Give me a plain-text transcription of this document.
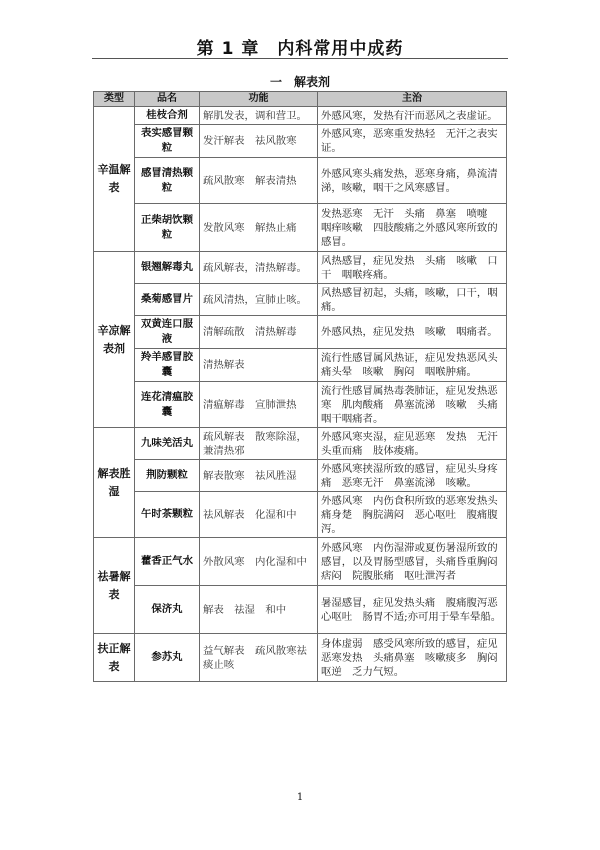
第 1 章　内科常用中成药
一　解表剂
类型	品名	功能	主治
辛温解表	桂枝合剂	解肌发表，调和营卫。	外感风寒，发热有汗而恶风之表虚证。
	表实感冒颗粒	发汗解表　祛风散寒	外感风寒，恶寒重发热轻　无汗之表实证。
	感冒清热颗粒	疏风散寒　解表清热	外感风寒头痛发热，恶寒身痛，鼻流清涕，咳嗽，咽干之风寒感冒。
	正柴胡饮颗粒	发散风寒　解热止痛	发热恶寒　无汗　头痛　鼻塞　喷嚏　咽痒咳嗽　四肢酸痛之外感风寒所致的感冒。
辛凉解表剂	银翘解毒丸	疏风解表，清热解毒。	风热感冒，症见发热　头痛　咳嗽　口干　咽喉疼痛。
	桑菊感冒片	疏风清热，宣肺止咳。	风热感冒初起，头痛，咳嗽，口干，咽痛。
	双黄连口服液	清解疏散　清热解毒	外感风热，症见发热　咳嗽　咽痛者。
	羚羊感冒胶囊	清热解表	流行性感冒属风热证，症见发热恶风头痛头晕　咳嗽　胸闷　咽喉肿痛。
	连花清瘟胶囊	清瘟解毒　宣肺泄热	流行性感冒属热毒袭肺证，症见发热恶寒　肌肉酸痛　鼻塞流涕　咳嗽　头痛　咽干咽痛者。
解表胜湿	九味羌活丸	疏风解表　散寒除湿，兼清热邪	外感风寒夹湿，症见恶寒　发热　无汗　头重而痛　肢体痠痛。
	荆防颗粒	解表散寒　祛风胜湿	外感风寒挟湿所致的感冒，症见头身疼痛　恶寒无汗　鼻塞流涕　咳嗽。
	午时茶颗粒	祛风解表　化湿和中	外感风寒　内伤食积所致的恶寒发热头痛身楚　胸脘满闷　恶心呕吐　腹痛腹泻。
祛暑解表	藿香正气水	外散风寒　内化湿和中	外感风寒　内伤湿滞或夏伤暑湿所致的感冒，以及胃肠型感冒，头痛昏重胸闷痞闷　院腹胀痛　呕吐泄泻者
	保济丸	解表　祛湿　和中	暑湿感冒，症见发热头痛　腹痛腹泻恶心呕吐　肠胃不适;亦可用于晕车晕船。
扶正解表	参苏丸	益气解表　疏风散寒祛痰止咳	身体虚弱　感受风寒所致的感冒，症见恶寒发热　头痛鼻塞　咳嗽痰多　胸闷呕逆　乏力气短。
1
